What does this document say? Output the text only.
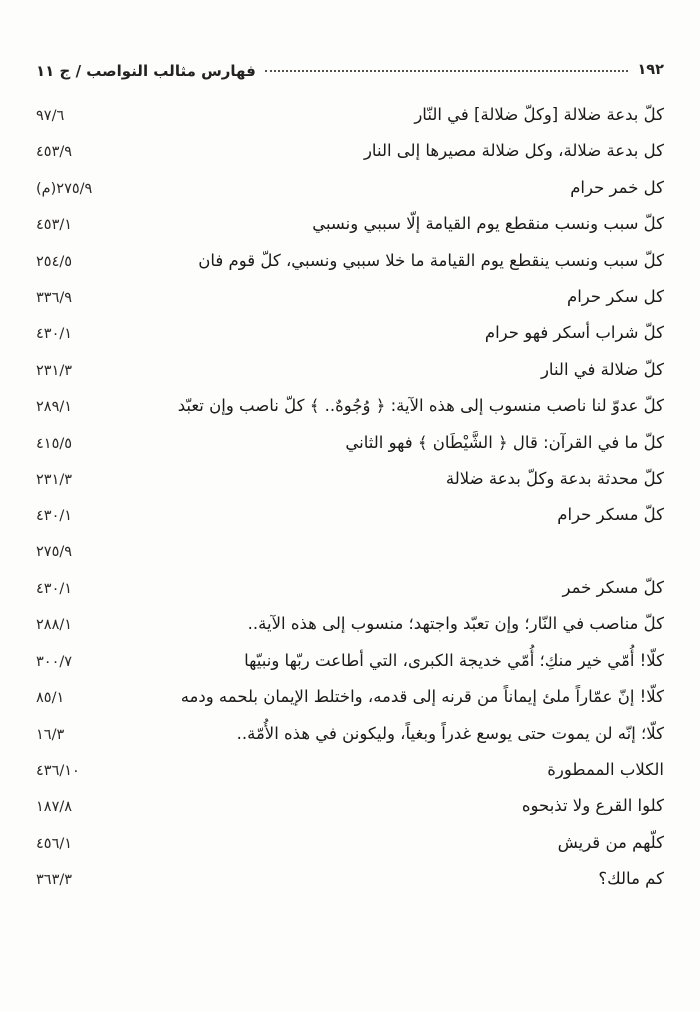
١٩٢
فهارس مثالب النواصب / ج ١١
كلّ بدعة ضلالة [وكلّ ضلالة] في النّار
٩٧/٦
كل بدعة ضلالة، وكل ضلالة مصيرها إلى النار
٤٥٣/٩
كل خمر حرام
٢٧٥/٩(م)
كلّ سبب ونسب منقطع يوم القيامة إلّا سببي ونسبي
٤٥٣/١
كلّ سبب ونسب ينقطع يوم القيامة ما خلا سببي ونسبي، كلّ قوم فان
٢٥٤/٥
كل سكر حرام
٣٣٦/٩
كلّ شراب أسكر فهو حرام
٤٣٠/١
كلّ ضلالة في النار
٢٣١/٣
كلّ عدوّ لنا ناصب منسوب إلى هذه الآية: ﴿ وُجُوهٌ.. ﴾ كلّ ناصب وإن تعبّد
٢٨٩/١
كلّ ما في القرآن: قال ﴿ الشَّيْطَان ﴾ فهو الثاني
٤١٥/٥
كلّ محدثة بدعة وكلّ بدعة ضلالة
٢٣١/٣
كلّ مسكر حرام
٤٣٠/١
٢٧٥/٩
كلّ مسكر خمر
٤٣٠/١
كلّ مناصب في النّار؛ وإن تعبّد واجتهد؛ منسوب إلى هذه الآية..
٢٨٨/١
كلّا! أُمّي خير منكِ؛ أُمّي خديجة الكبرى، التي أطاعت ربّها ونبيّها
٣٠٠/٧
كلّا! إنّ عمّاراً ملئ إيماناً من قرنه إلى قدمه، واختلط الإيمان بلحمه ودمه
٨٥/١
كلّا؛ إنّه لن يموت حتى يوسع غدراً وبغياً، وليكونن في هذه الأُمّة..
١٦/٣
الكلاب الممطورة
٤٣٦/١٠
كلوا القرع ولا تذبحوه
١٨٧/٨
كلّهم من قريش
٤٥٦/١
كم مالك؟
٣٦٣/٣
